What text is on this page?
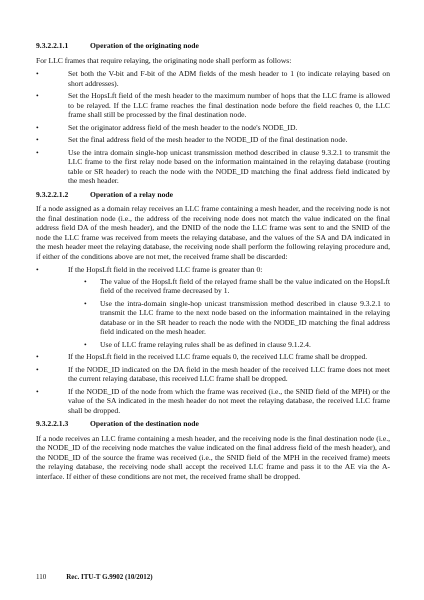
9.3.2.2.1.1	Operation of the originating node

For LLC frames that require relaying, the originating node shall perform as follows:

• Set both the V-bit and F-bit of the ADM fields of the mesh header to 1 (to indicate relaying based on short addresses).
• Set the HopsLft field of the mesh header to the maximum number of hops that the LLC frame is allowed to be relayed. If the LLC frame reaches the final destination node before the field reaches 0, the LLC frame shall still be processed by the final destination node.
• Set the originator address field of the mesh header to the node's NODE_ID.
• Set the final address field of the mesh header to the NODE_ID of the final destination node.
• Use the intra domain single-hop unicast transmission method described in clause 9.3.2.1 to transmit the LLC frame to the first relay node based on the information maintained in the relaying database (routing table or SR header) to reach the node with the NODE_ID matching the final address field indicated by the mesh header.
9.3.2.2.1.2	Operation of a relay node

If a node assigned as a domain relay receives an LLC frame containing a mesh header, and the receiving node is not the final destination node (i.e., the address of the receiving node does not match the value indicated on the final address field DA of the mesh header), and the DNID of the node the LLC frame was sent to and the SNID of the node the LLC frame was received from meets the relaying database, and the values of the SA and DA indicated in the mesh header meet the relaying database, the receiving node shall perform the following relaying procedure and, if either of the conditions above are not met, the received frame shall be discarded:

• If the HopsLft field in the received LLC frame is greater than 0:
• The value of the HopsLft field of the relayed frame shall be the value indicated on the HopsLft field of the received frame decreased by 1.
• Use the intra-domain single-hop unicast transmission method described in clause 9.3.2.1 to transmit the LLC frame to the next node based on the information maintained in the relaying database or in the SR header to reach the node with the NODE_ID matching the final address field indicated on the mesh header.
• Use of LLC frame relaying rules shall be as defined in clause 9.1.2.4.
• If the HopsLft field in the received LLC frame equals 0, the received LLC frame shall be dropped.
• If the NODE_ID indicated on the DA field in the mesh header of the received LLC frame does not meet the current relaying database, this received LLC frame shall be dropped.
• If the NODE_ID of the node from which the frame was received (i.e., the SNID field of the MPH) or the value of the SA indicated in the mesh header do not meet the relaying database, the received LLC frame shall be dropped.
9.3.2.2.1.3	Operation of the destination node

If a node receives an LLC frame containing a mesh header, and the receiving node is the final destination node (i.e., the NODE_ID of the receiving node matches the value indicated on the final address field of the mesh header), and the NODE_ID of the source the frame was received (i.e., the SNID field of the MPH in the received frame) meets the relaying database, the receiving node shall accept the received LLC frame and pass it to the AE via the A-interface. If either of these conditions are not met, the received frame shall be dropped.

110	Rec. ITU-T G.9902 (10/2012)
